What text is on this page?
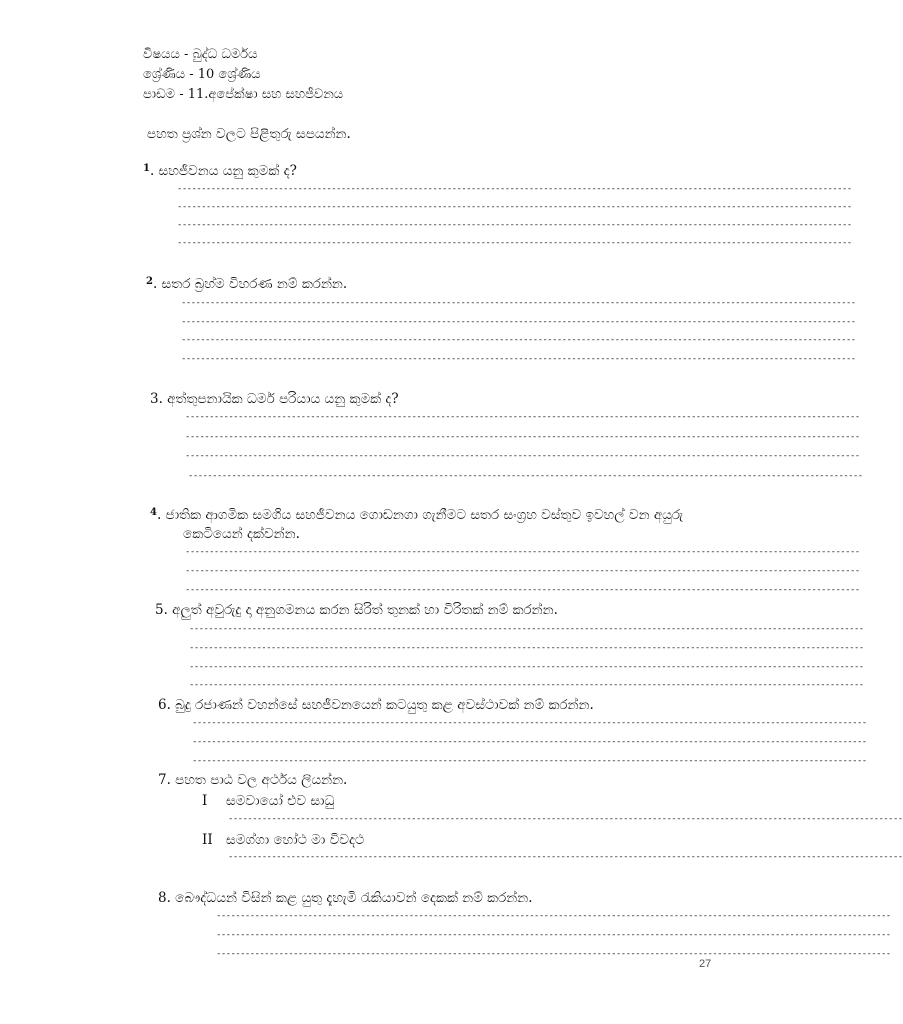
විෂයය - බුද්ධ ධර්මය
ශ්‍රේණිය - 10 ශ්‍රේණිය
පාඩම - 11.අපේක්ෂා සහ සහජීවනය
පහත ප්‍රශ්න වලට පිළිතුරු සපයන්න.
$^1$. සහජීවනය යනු කුමක් ද?
--------------------------------------------------------------------------------------------------------------------------------------------
--------------------------------------------------------------------------------------------------------------------------------------------
--------------------------------------------------------------------------------------------------------------------------------------------
--------------------------------------------------------------------------------------------------------------------------------------------
$^2$. සතර බ්‍රහ්ම විහරණ නම් කරන්න.
--------------------------------------------------------------------------------------------------------------------------------------------
--------------------------------------------------------------------------------------------------------------------------------------------
--------------------------------------------------------------------------------------------------------------------------------------------
--------------------------------------------------------------------------------------------------------------------------------------------
3. අත්තුපනායික ධර්ම පරියාය යනු කුමක් ද?
--------------------------------------------------------------------------------------------------------------------------------------------
--------------------------------------------------------------------------------------------------------------------------------------------
--------------------------------------------------------------------------------------------------------------------------------------------
--------------------------------------------------------------------------------------------------------------------------------------------
$^4$. ජාතික ආගමික සමගිය සහජීවනය ගොඩනගා ගැනීමට සතර සංග්‍රහ වස්තුව ඉවහල් වන අයුරු
කෙටියෙන් දක්වන්න.
--------------------------------------------------------------------------------------------------------------------------------------------
--------------------------------------------------------------------------------------------------------------------------------------------
--------------------------------------------------------------------------------------------------------------------------------------------
5. අලුත් අවුරුදු දා අනුගමනය කරන සිරිත් තුනක් හා විරිතක් නම් කරන්න.
--------------------------------------------------------------------------------------------------------------------------------------------
--------------------------------------------------------------------------------------------------------------------------------------------
--------------------------------------------------------------------------------------------------------------------------------------------
--------------------------------------------------------------------------------------------------------------------------------------------
6. බුදු රජාණන් වහන්සේ සහජීවනයෙන් කටයුතු කළ අවස්ථාවක් නම් කරන්න.
--------------------------------------------------------------------------------------------------------------------------------------------
--------------------------------------------------------------------------------------------------------------------------------------------
--------------------------------------------------------------------------------------------------------------------------------------------
7. පහත පාඨ වල අර්ථය ලියන්න.
I සමවායෝ එව සාධු
--------------------------------------------------------------------------------------------------------------------------------------------
II සමග්ගා හෝථ මා විවදථ
--------------------------------------------------------------------------------------------------------------------------------------------
8. බෞද්ධයන් විසින් කළ යුතු දැහැමි රැකියාවන් දෙකක් නම් කරන්න.
--------------------------------------------------------------------------------------------------------------------------------------------
--------------------------------------------------------------------------------------------------------------------------------------------
--------------------------------------------------------------------------------------------------------------------------------------------
27
